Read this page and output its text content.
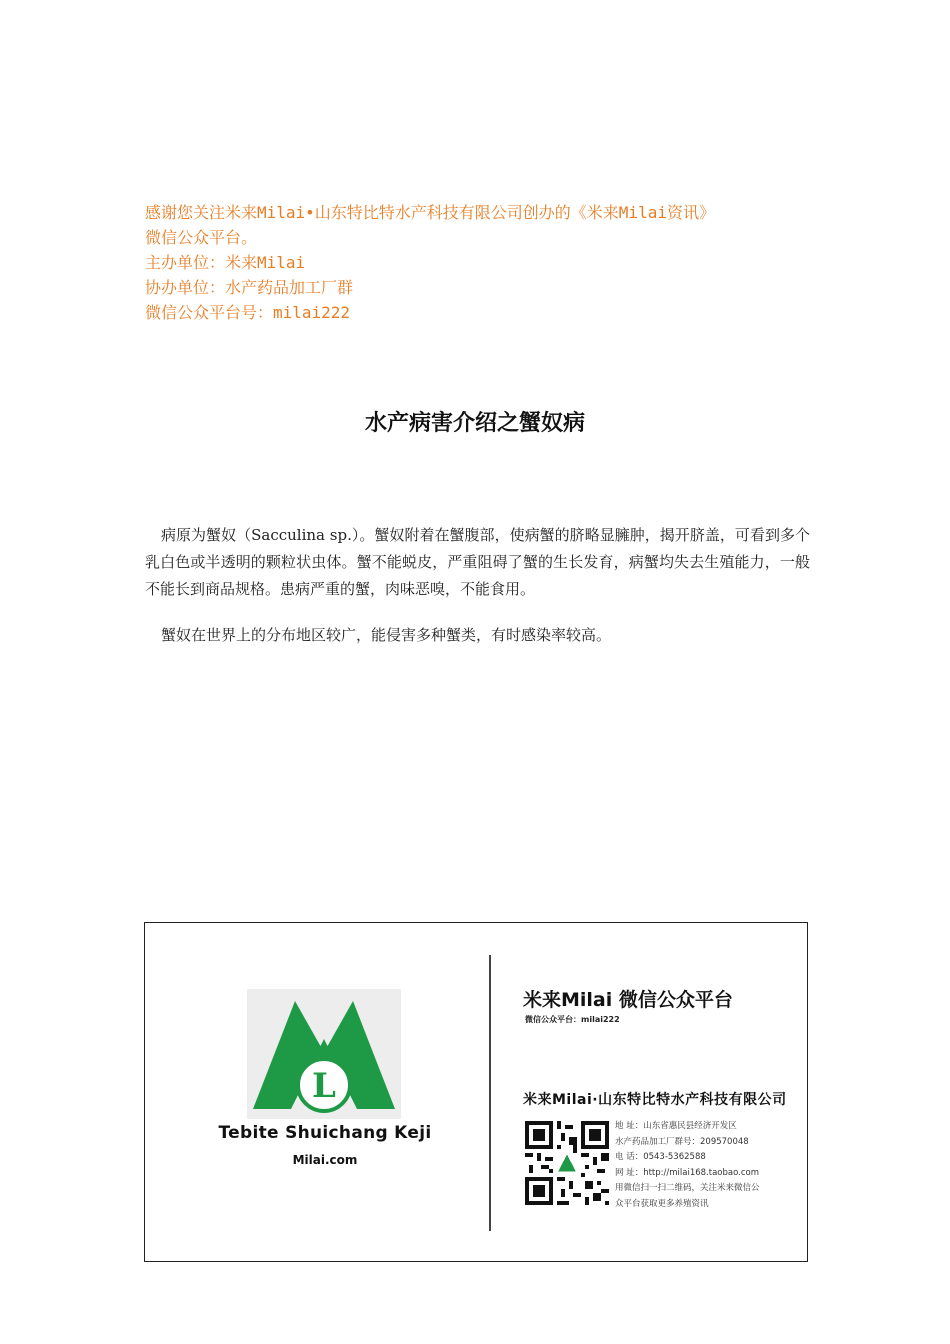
感谢您关注米来Milai•山东特比特水产科技有限公司创办的《米来Milai资讯》
微信公众平台。
主办单位：米来Milai
协办单位：水产药品加工厂群
微信公众平台号：milai222
水产病害介绍之蟹奴病
病原为蟹奴（Sacculina sp.）。蟹奴附着在蟹腹部，使病蟹的脐略显臃肿，揭开脐盖，可看到多个乳白色或半透明的颗粒状虫体。蟹不能蜕皮，严重阻碍了蟹的生长发育，病蟹均失去生殖能力，一般不能长到商品规格。患病严重的蟹，肉味恶嗅，不能食用。
蟹奴在世界上的分布地区较广，能侵害多种蟹类，有时感染率较高。
L
Tebite Shuichang Keji
Milai.com
米来Milai 微信公众平台
微信公众平台：milai222
米来Milai·山东特比特水产科技有限公司
地 址：山东省惠民县经济开发区
水产药品加工厂群号：209570048
电 话：0543-5362588
网 址：http://milai168.taobao.com
用微信扫一扫二维码，关注米来微信公
众平台获取更多养殖资讯
